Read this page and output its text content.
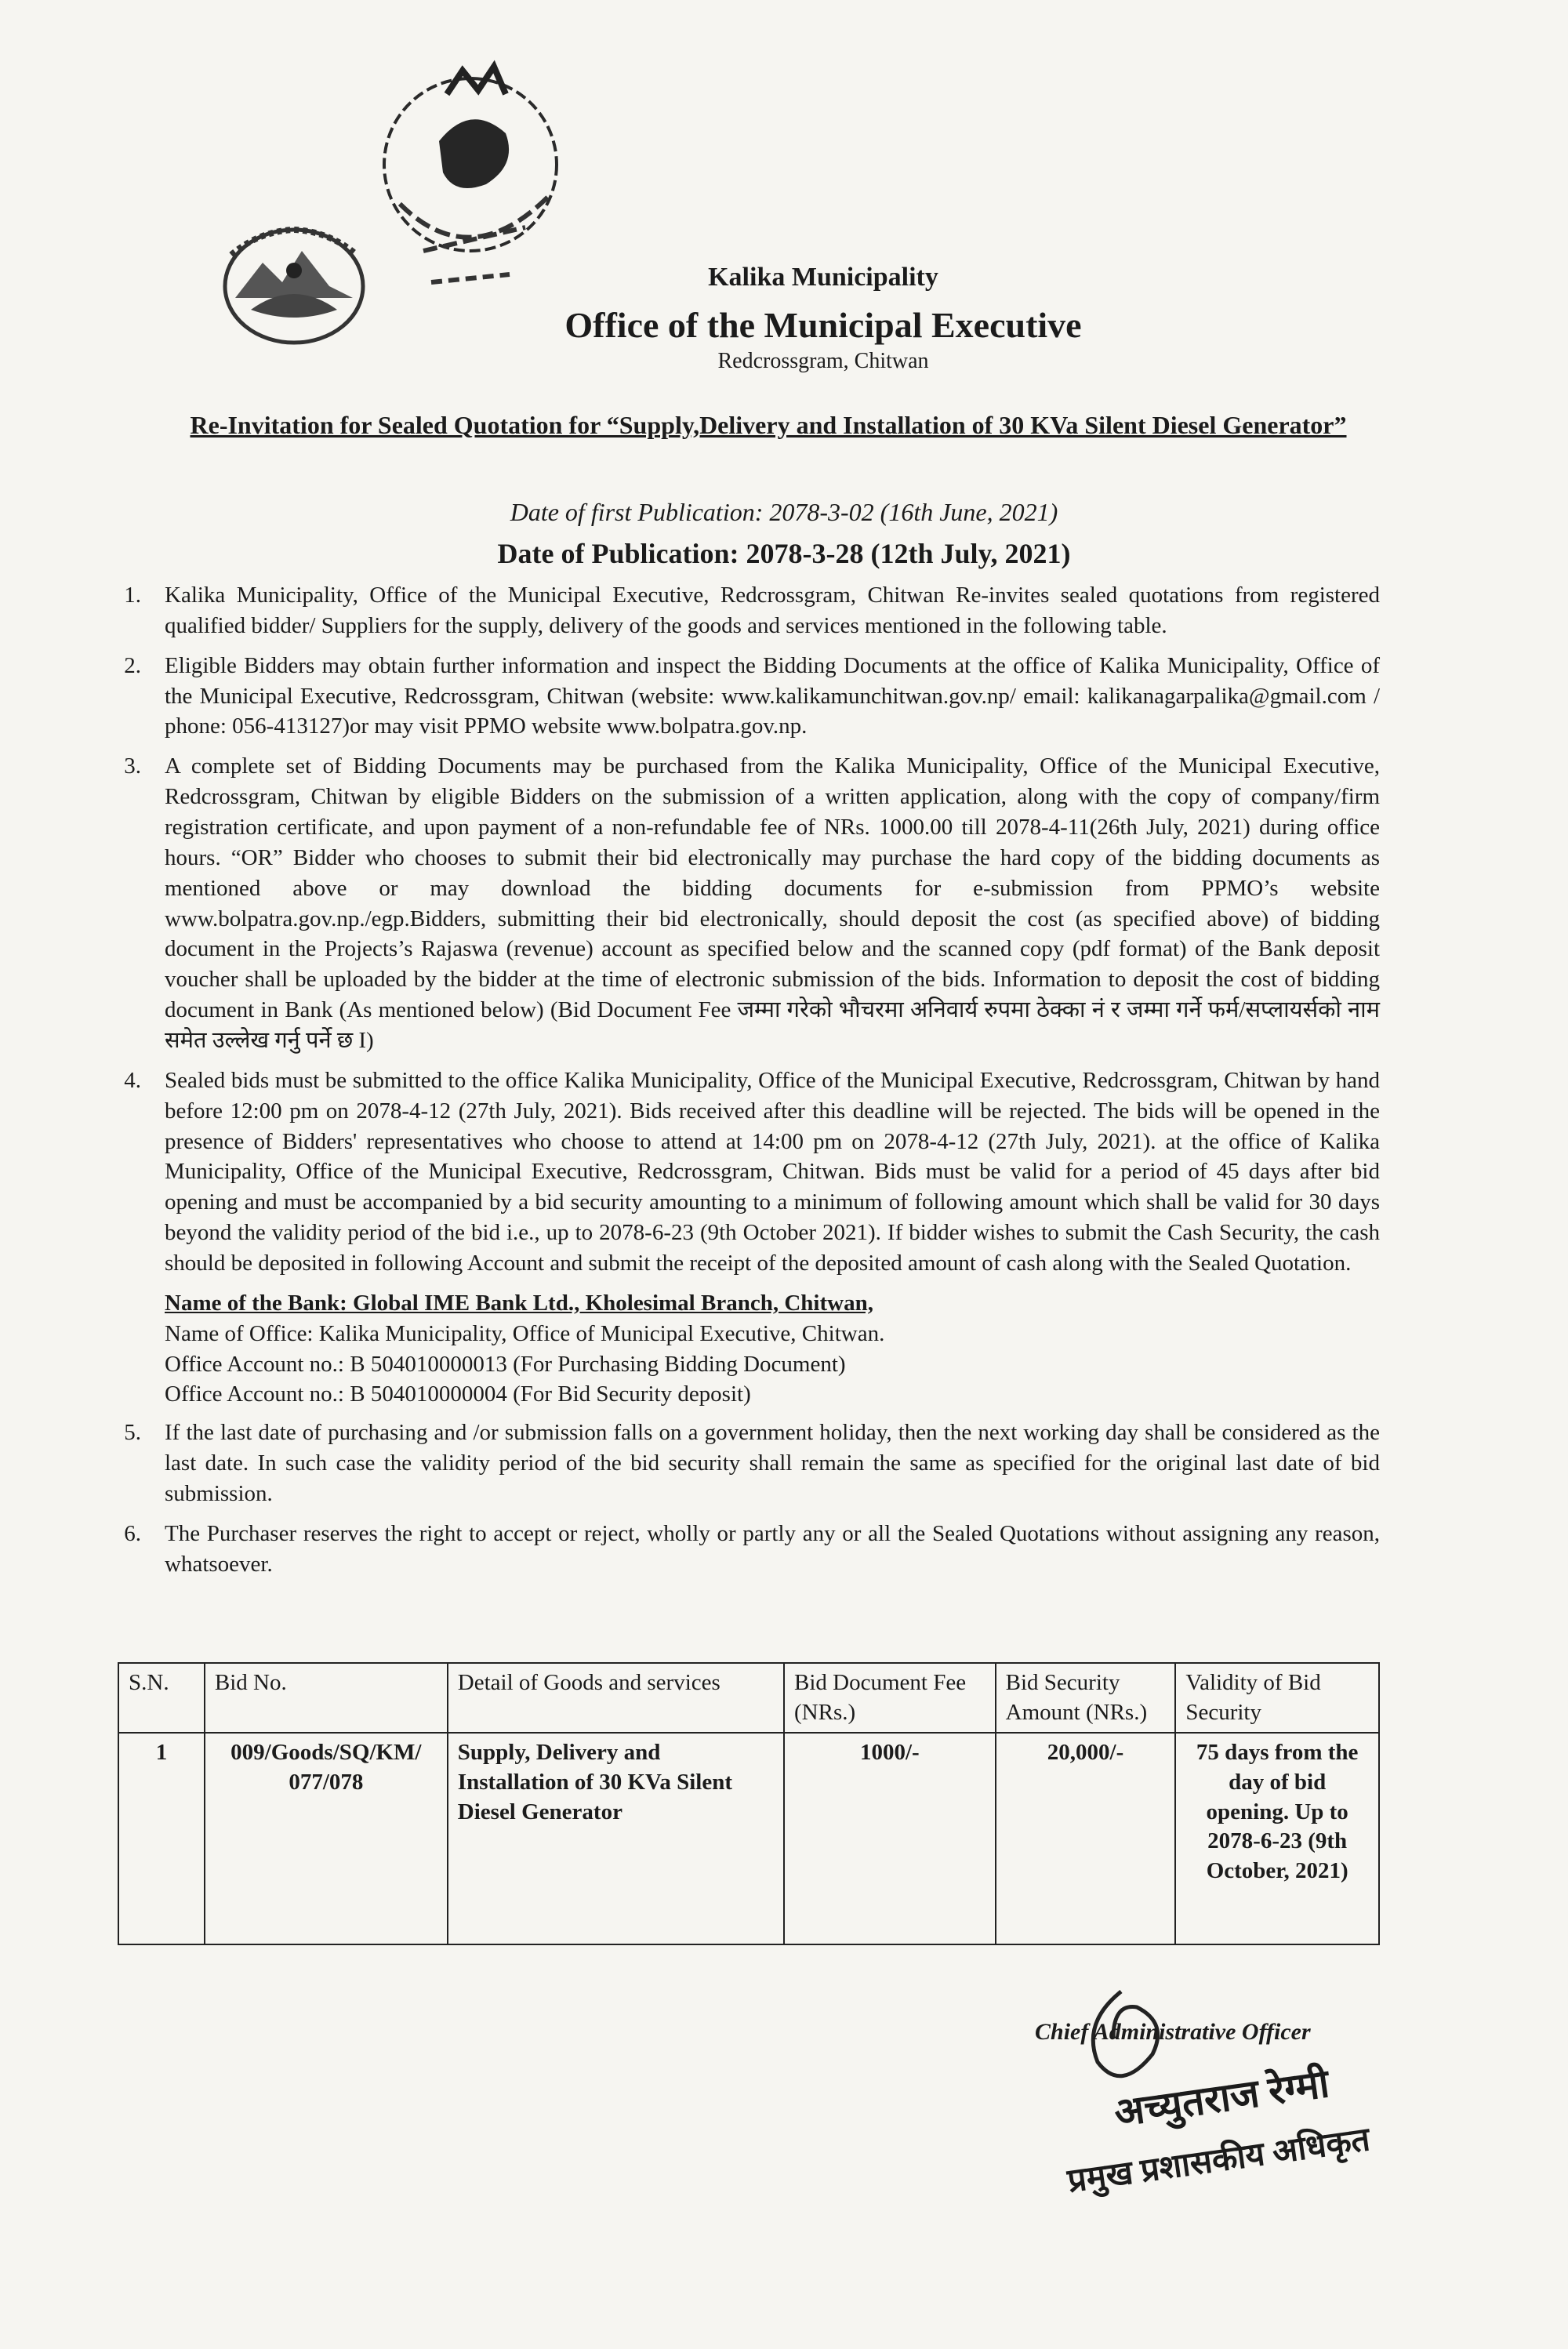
Kalika Municipality
Office of the Municipal Executive
Redcrossgram, Chitwan
Re-Invitation for Sealed Quotation for “Supply,Delivery and Installation of 30 KVa Silent Diesel Generator”
Date of first Publication: 2078-3-02 (16th June, 2021)
Date of Publication: 2078-3-28 (12th July, 2021)
1. Kalika Municipality, Office of the Municipal Executive, Redcrossgram, Chitwan Re-invites sealed quotations from registered qualified bidder/ Suppliers for the supply, delivery of the goods and services mentioned in the following table.
2. Eligible Bidders may obtain further information and inspect the Bidding Documents at the office of Kalika Municipality, Office of the Municipal Executive, Redcrossgram, Chitwan (website: www.kalikamunchitwan.gov.np/ email: kalikanagarpalika@gmail.com / phone: 056-413127)or may visit PPMO website www.bolpatra.gov.np.
3. A complete set of Bidding Documents may be purchased from the Kalika Municipality, Office of the Municipal Executive, Redcrossgram, Chitwan by eligible Bidders on the submission of a written application, along with the copy of company/firm registration certificate, and upon payment of a non-refundable fee of NRs. 1000.00 till 2078-4-11(26th July, 2021) during office hours. “OR” Bidder who chooses to submit their bid electronically may purchase the hard copy of the bidding documents as mentioned above or may download the bidding documents for e-submission from PPMO’s website www.bolpatra.gov.np./egp.Bidders, submitting their bid electronically, should deposit the cost (as specified above) of bidding document in the Projects’s Rajaswa (revenue) account as specified below and the scanned copy (pdf format) of the Bank deposit voucher shall be uploaded by the bidder at the time of electronic submission of the bids. Information to deposit the cost of bidding document in Bank (As mentioned below) (Bid Document Fee जम्मा गरेको भौचरमा अनिवार्य रुपमा ठेक्का नं र जम्मा गर्ने फर्म/सप्लायर्सको नाम समेत उल्लेख गर्नु पर्ने छ I)
4. Sealed bids must be submitted to the office Kalika Municipality, Office of the Municipal Executive, Redcrossgram, Chitwan by hand before 12:00 pm on 2078-4-12 (27th July, 2021). Bids received after this deadline will be rejected. The bids will be opened in the presence of Bidders' representatives who choose to attend at 14:00 pm on 2078-4-12 (27th July, 2021). at the office of Kalika Municipality, Office of the Municipal Executive, Redcrossgram, Chitwan. Bids must be valid for a period of 45 days after bid opening and must be accompanied by a bid security amounting to a minimum of following amount which shall be valid for 30 days beyond the validity period of the bid i.e., up to 2078-6-23 (9th October 2021). If bidder wishes to submit the Cash Security, the cash should be deposited in following Account and submit the receipt of the deposited amount of cash along with the Sealed Quotation.
Name of the Bank: Global IME Bank Ltd., Kholesimal Branch, Chitwan,
Name of Office: Kalika Municipality, Office of Municipal Executive, Chitwan.
Office Account no.: B 504010000013 (For Purchasing Bidding Document)
Office Account no.: B 504010000004 (For Bid Security deposit)
5. If the last date of purchasing and /or submission falls on a government holiday, then the next working day shall be considered as the last date. In such case the validity period of the bid security shall remain the same as specified for the original last date of bid submission.
6. The Purchaser reserves the right to accept or reject, wholly or partly any or all the Sealed Quotations without assigning any reason, whatsoever.
S.N.	Bid No.	Detail of Goods and services	Bid Document Fee (NRs.)	Bid Security Amount (NRs.)	Validity of Bid Security
1	009/Goods/SQ/KM/ 077/078	Supply, Delivery and Installation of 30 KVa Silent Diesel Generator	1000/-	20,000/-	75 days from the day of bid opening. Up to 2078-6-23 (9th October, 2021)
Chief Administrative Officer
अच्युतराज रेग्मी
प्रमुख प्रशासकीय अधिकृत
